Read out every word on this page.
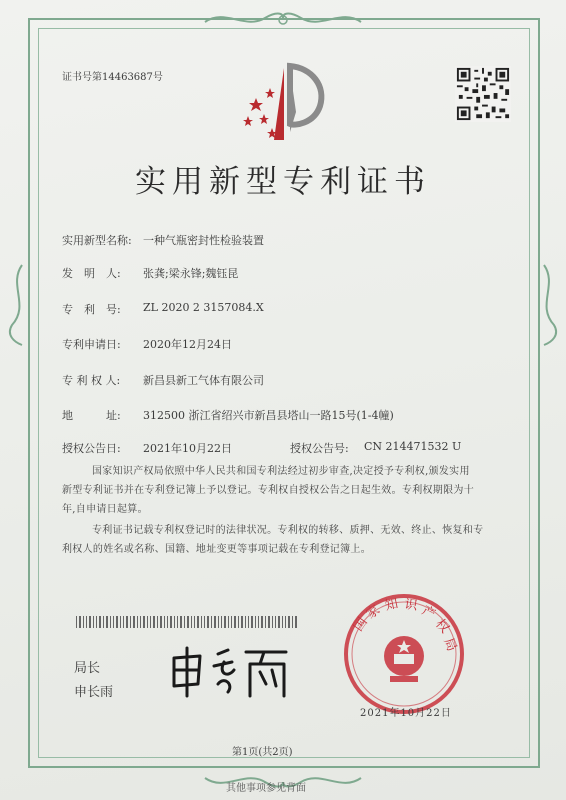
证书号第14463687号
实用新型专利证书
实用新型名称: 一种气瓶密封性检验装置
发　明　人: 张龚;梁永锋;魏钰昆
专　利　号: ZL 2020 2 3157084.X
专利申请日: 2020年12月24日
专 利 权 人: 新昌县新工气体有限公司
地　　　址: 312500 浙江省绍兴市新昌县塔山一路15号(1-4幢)
授权公告日: 2021年10月22日	授权公告号: CN 214471532 U
国家知识产权局依照中华人民共和国专利法经过初步审查,决定授予专利权,颁发实用
新型专利证书并在专利登记簿上予以登记。专利权自授权公告之日起生效。专利权期限为十
年,自申请日起算。
专利证书记载专利权登记时的法律状况。专利权的转移、质押、无效、终止、恢复和专
利权人的姓名或名称、国籍、地址变更等事项记载在专利登记簿上。
局长
申长雨
国
家 知 识 产
权
局
2021年10月22日
第1页(共2页)
其他事项参见背面
